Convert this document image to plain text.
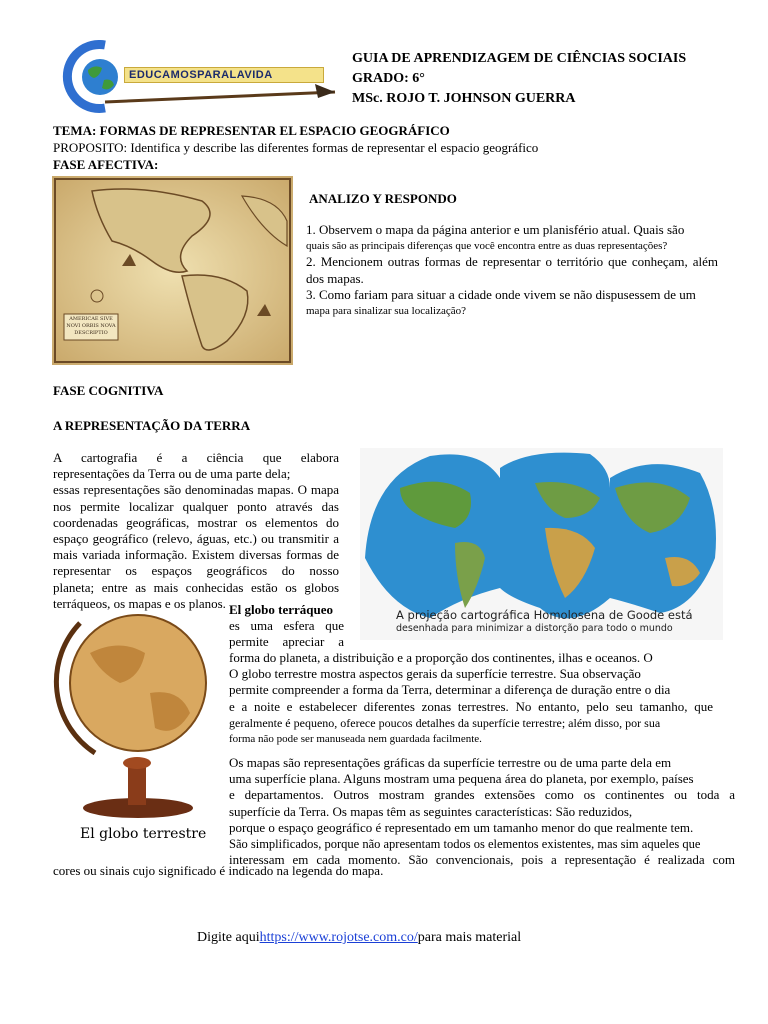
EDUCAMOSPARALAVIDA
GUIA DE APRENDIZAGEM DE CIÊNCIAS SOCIAIS
GRADO: 6°
MSc. ROJO T. JOHNSON GUERRA
TEMA: FORMAS DE REPRESENTAR EL ESPACIO GEOGRÁFICO
PROPOSITO: Identifica y describe las diferentes formas de representar el espacio geográfico
FASE AFECTIVA:
AMERICAE SIVE NOVI ORBIS NOVA DESCRIPTIO
ANALIZO Y RESPONDO
1. Observem o mapa da página anterior e um planisfério atual. Quais são
quais são as principais diferenças que você encontra entre as duas representações?
2. Mencionem outras formas de representar o território que conheçam, além dos mapas.
3. Como fariam para situar a cidade onde vivem se não dispusessem de um
mapa para sinalizar sua localização?
FASE COGNITIVA
A REPRESENTAÇÃO DA TERRA
A cartografia é a ciência que elabora
representações da Terra ou de uma parte dela;
essas representações são denominadas mapas. O mapa
nos permite localizar qualquer ponto através das
coordenadas geográficas, mostrar os elementos do
espaço geográfico (relevo, águas, etc.) ou transmitir a
mais variada informação. Existem diversas formas de
representar os espaços geográficos do nosso
planeta; entre as mais conhecidas estão os globos
terráqueos, os mapas e os planos.
A projeção cartográfica Homolosena de Goode está
desenhada para minimizar a distorção para todo o mundo
El globo terrestre
El globo terráqueo
es uma esfera que
permite apreciar a
forma do planeta, a distribuição e a proporção dos continentes, ilhas e oceanos. O
O globo terrestre mostra aspectos gerais da superfície terrestre. Sua observação
permite compreender a forma da Terra, determinar a diferença de duração entre o dia
e a noite e estabelecer diferentes zonas terrestres. No entanto, pelo seu tamanho, que
geralmente é pequeno, oferece poucos detalhes da superfície terrestre; além disso, por sua
forma não pode ser manuseada nem guardada facilmente.
Os mapas são representações gráficas da superfície terrestre ou de uma parte dela em
uma superfície plana. Alguns mostram uma pequena área do planeta, por exemplo, países
e departamentos. Outros mostram grandes extensões como os continentes ou toda a
superfície da Terra. Os mapas têm as seguintes características: São reduzidos,
porque o espaço geográfico é representado em um tamanho menor do que realmente tem.
São simplificados, porque não apresentam todos os elementos existentes, mas sim aqueles que
interessam em cada momento. São convencionais, pois a representação é realizada com
cores ou sinais cujo significado é indicado na legenda do mapa.
Digite aquihttps://www.rojotse.com.co/para mais material
